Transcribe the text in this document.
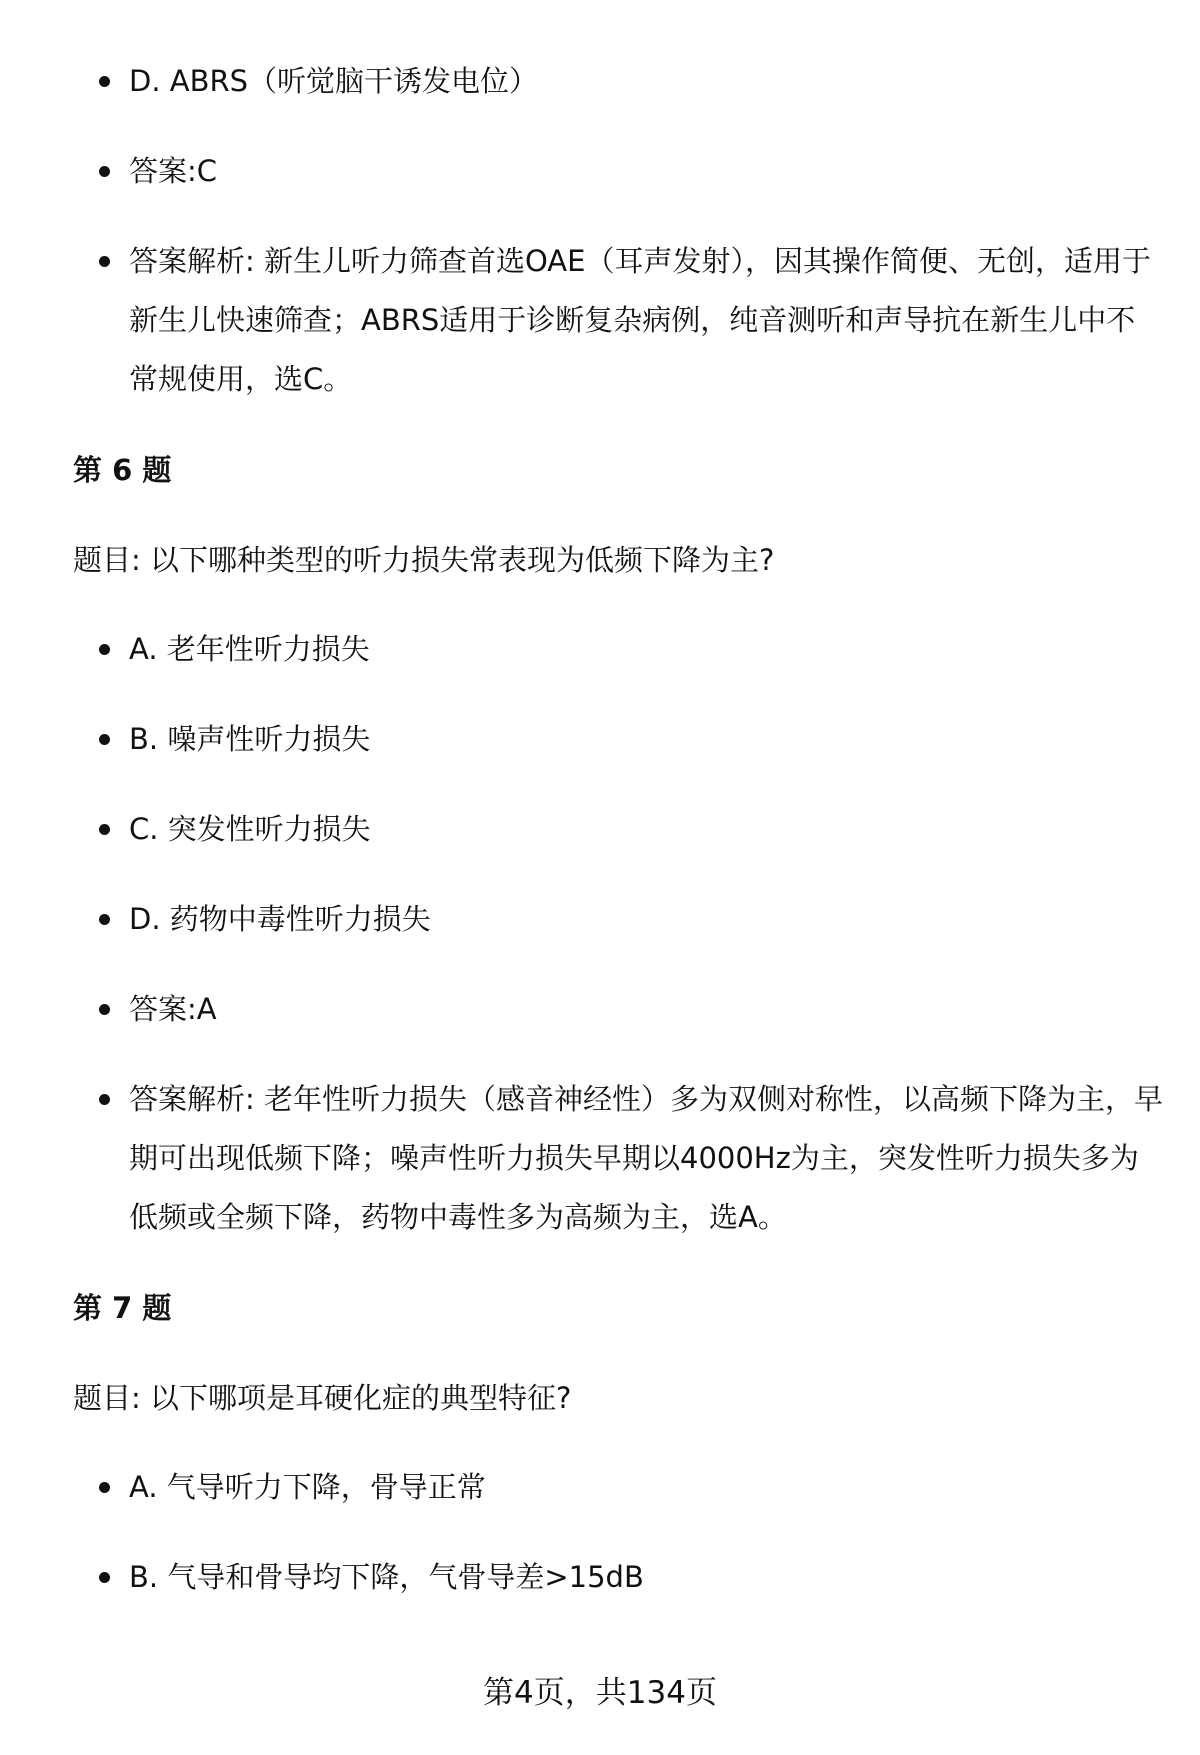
D. ABRS（听觉脑干诱发电位）
答案:C
答案解析: 新生儿听力筛查首选OAE（耳声发射），因其操作简便、无创，适用于新生儿快速筛查；ABRS适用于诊断复杂病例，纯音测听和声导抗在新生儿中不常规使用，选C。
第 6 题
题目: 以下哪种类型的听力损失常表现为低频下降为主?
A. 老年性听力损失
B. 噪声性听力损失
C. 突发性听力损失
D. 药物中毒性听力损失
答案:A
答案解析: 老年性听力损失（感音神经性）多为双侧对称性，以高频下降为主，早期可出现低频下降；噪声性听力损失早期以4000Hz为主，突发性听力损失多为低频或全频下降，药物中毒性多为高频为主，选A。
第 7 题
题目: 以下哪项是耳硬化症的典型特征?
A. 气导听力下降，骨导正常
B. 气导和骨导均下降，气骨导差>15dB
第4页，共134页
